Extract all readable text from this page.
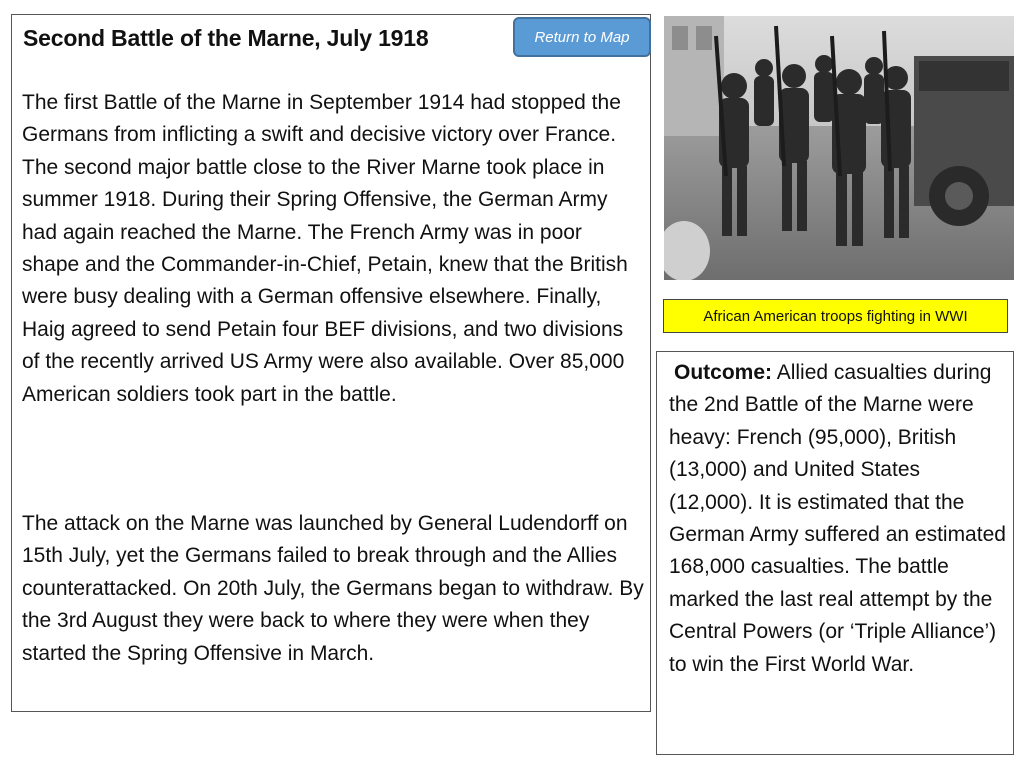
Second Battle of the Marne, July 1918

The first Battle of the Marne in September 1914 had stopped the Germans from inflicting a swift and decisive victory over France. The second major battle close to the River Marne took place in summer 1918. During their Spring Offensive, the German Army had again reached the Marne. The French Army was in poor shape and the Commander-in-Chief, Petain, knew that the British were busy dealing with a German offensive elsewhere. Finally, Haig agreed to send Petain four BEF divisions, and two divisions of the recently arrived US Army were also available. Over 85,000 American soldiers took part in the battle.

The attack on the Marne was launched by General Ludendorff on 15th July, yet the Germans failed to break through and the Allies counterattacked. On 20th July, the Germans began to withdraw. By the 3rd August they were back to where they were when they started the Spring Offensive in March.

Return to Map
African American troops fighting in WWI

Outcome: Allied casualties during the 2nd Battle of the Marne were heavy: French (95,000), British (13,000) and United States (12,000). It is estimated that the German Army suffered an estimated 168,000 casualties. The battle marked the last real attempt by the Central Powers (or ‘Triple Alliance’) to win the First World War.
